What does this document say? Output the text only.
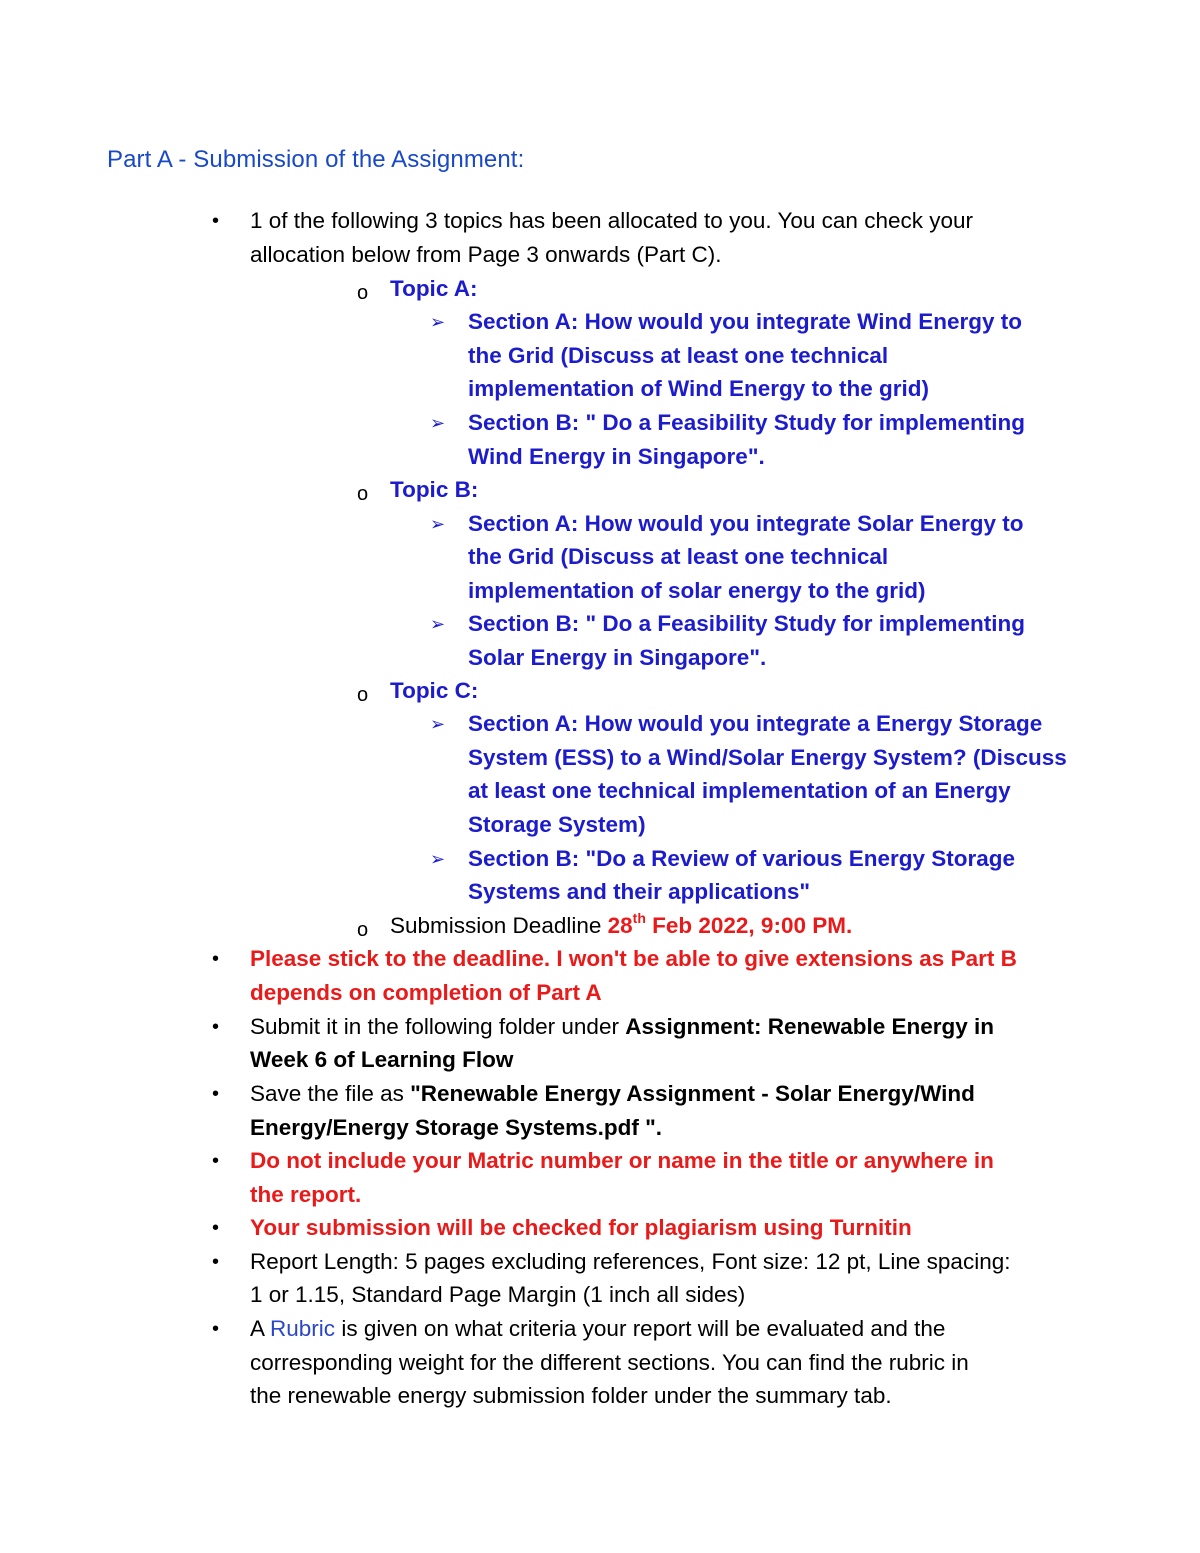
Part A - Submission of the Assignment:
• 1 of the following 3 topics has been allocated to you. You can check your
allocation below from Page 3 onwards (Part C).
o Topic A:
➢ Section A: How would you integrate Wind Energy to
the Grid (Discuss at least one technical
implementation of Wind Energy to the grid)
➢ Section B: " Do a Feasibility Study for implementing
Wind Energy in Singapore".
o Topic B:
➢ Section A: How would you integrate Solar Energy to
the Grid (Discuss at least one technical
implementation of solar energy to the grid)
➢ Section B: " Do a Feasibility Study for implementing
Solar Energy in Singapore".
o Topic C:
➢ Section A: How would you integrate a Energy Storage
System (ESS) to a Wind/Solar Energy System? (Discuss
at least one technical implementation of an Energy
Storage System)
➢ Section B: "Do a Review of various Energy Storage
Systems and their applications"
o Submission Deadline 28th Feb 2022, 9:00 PM.
• Please stick to the deadline. I won't be able to give extensions as Part B
depends on completion of Part A
• Submit it in the following folder under Assignment: Renewable Energy in
Week 6 of Learning Flow
• Save the file as "Renewable Energy Assignment - Solar Energy/Wind
Energy/Energy Storage Systems.pdf ".
• Do not include your Matric number or name in the title or anywhere in
the report.
• Your submission will be checked for plagiarism using Turnitin
• Report Length: 5 pages excluding references, Font size: 12 pt, Line spacing:
1 or 1.15, Standard Page Margin (1 inch all sides)
• A Rubric is given on what criteria your report will be evaluated and the
corresponding weight for the different sections. You can find the rubric in
the renewable energy submission folder under the summary tab.
